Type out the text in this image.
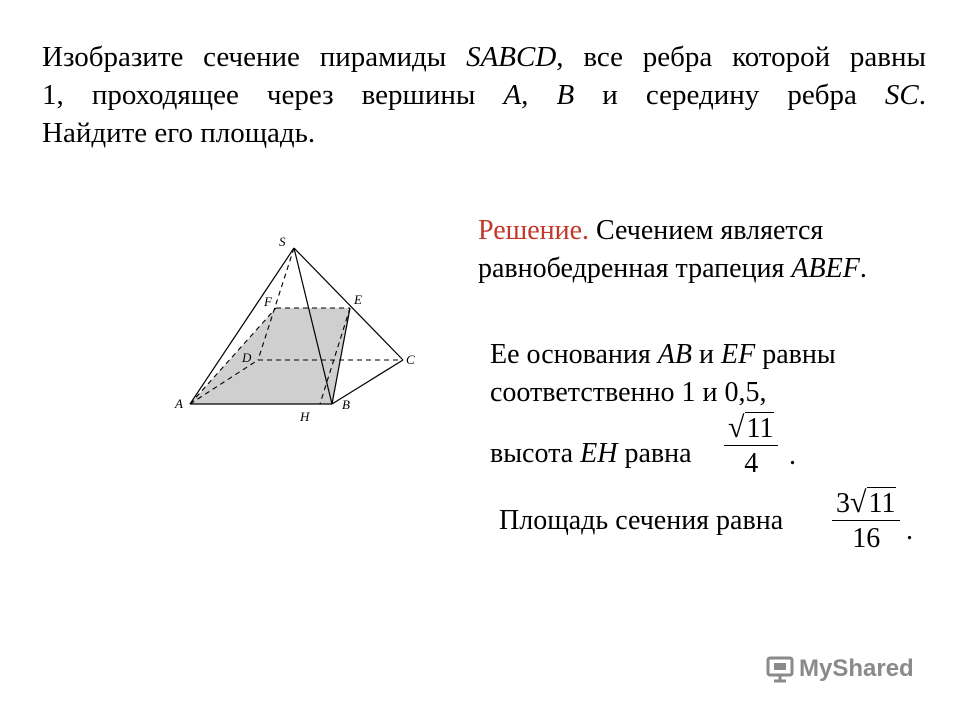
Изобразите сечение пирамиды SABCD, все ребра которой равны
1, проходящее через вершины A, B и середину ребра SC.
Найдите его площадь.
S
F	E
D	C
A
H
B
Решение. Сечением является
равнобедренная трапеция ABEF.
Ее основания AB и EF равны
соответственно 1 и 0,5,
высота EH равна $\frac{√11}{4}$ .
Площадь сечения равна $\frac{3√11}{16}$ .
MyShared
